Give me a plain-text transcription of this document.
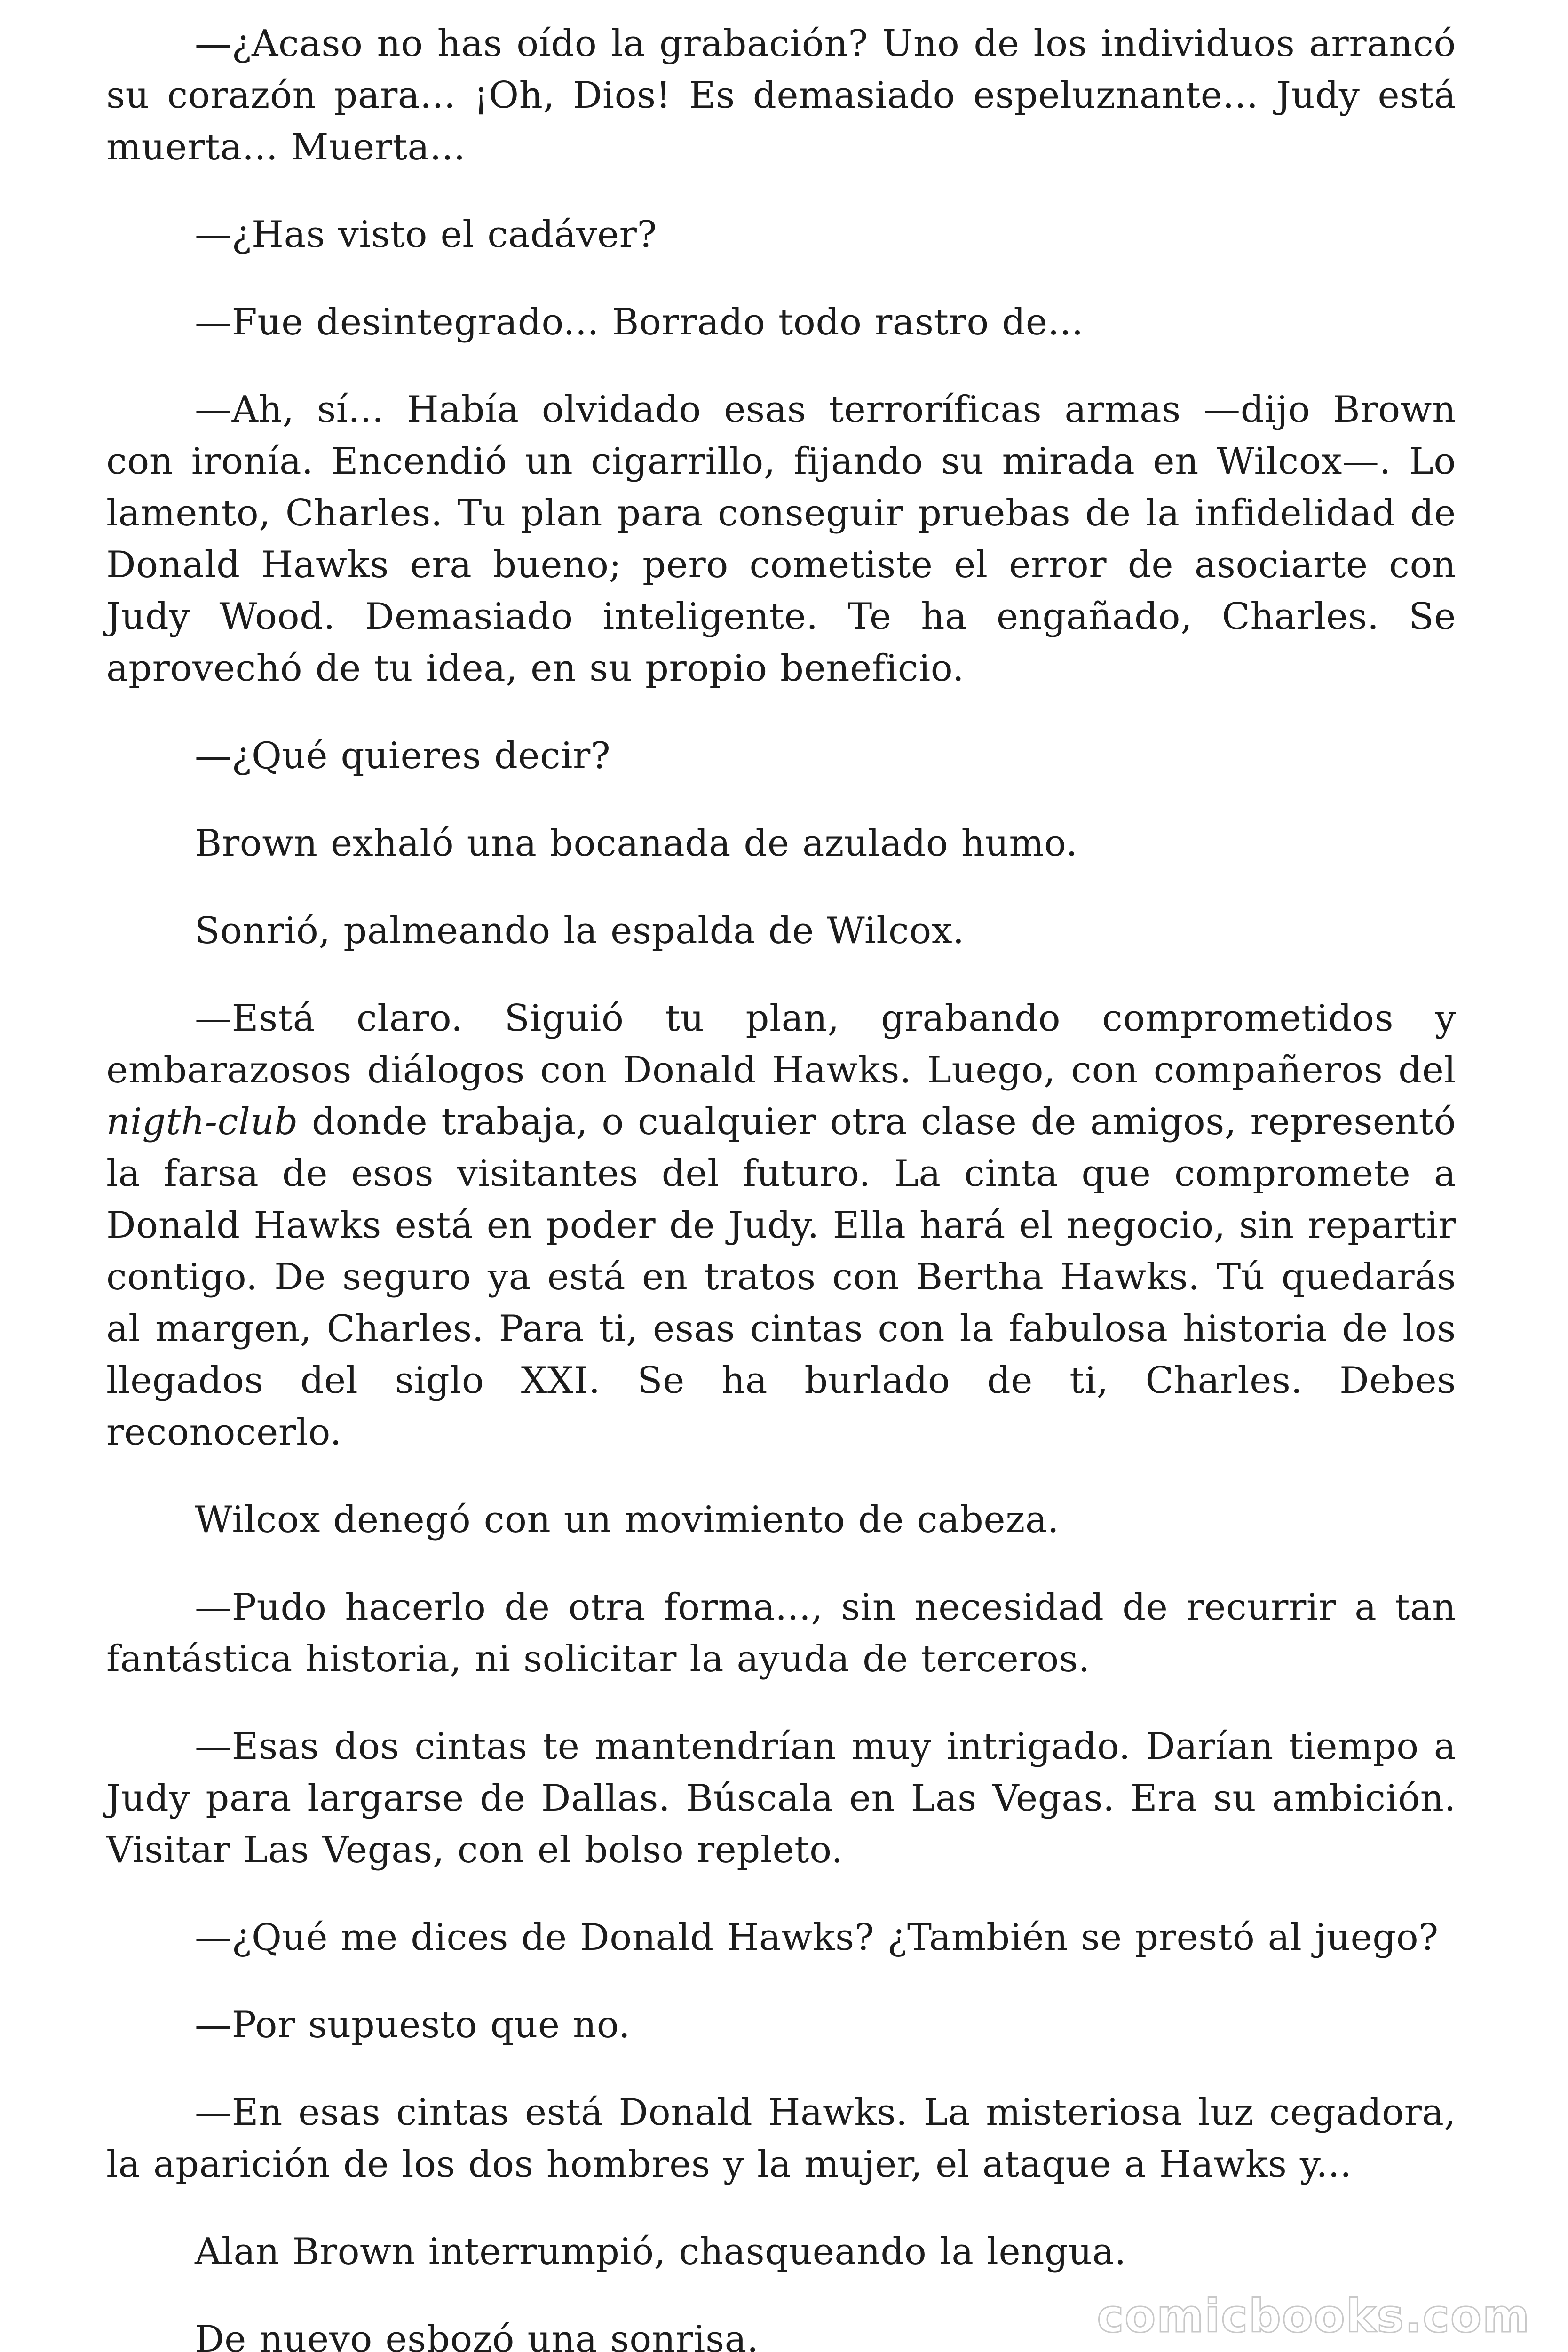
—¿Acaso no has oído la grabación? Uno de los individuos arrancó su corazón para... ¡Oh, Dios! Es demasiado espeluznante... Judy está muerta... Muerta...

—¿Has visto el cadáver?

—Fue desintegrado... Borrado todo rastro de...

—Ah, sí... Había olvidado esas terroríficas armas —dijo Brown con ironía. Encendió un cigarrillo, fijando su mirada en Wilcox—. Lo lamento, Charles. Tu plan para conseguir pruebas de la infidelidad de Donald Hawks era bueno; pero cometiste el error de asociarte con Judy Wood. Demasiado inteligente. Te ha engañado, Charles. Se aprovechó de tu idea, en su propio beneficio.

—¿Qué quieres decir?

Brown exhaló una bocanada de azulado humo.

Sonrió, palmeando la espalda de Wilcox.

—Está claro. Siguió tu plan, grabando comprometidos y embarazosos diálogos con Donald Hawks. Luego, con compañeros del nigth-club donde trabaja, o cualquier otra clase de amigos, representó la farsa de esos visitantes del futuro. La cinta que compromete a Donald Hawks está en poder de Judy. Ella hará el negocio, sin repartir contigo. De seguro ya está en tratos con Bertha Hawks. Tú quedarás al margen, Charles. Para ti, esas cintas con la fabulosa historia de los llegados del siglo XXI. Se ha burlado de ti, Charles. Debes reconocerlo.

Wilcox denegó con un movimiento de cabeza.

—Pudo hacerlo de otra forma..., sin necesidad de recurrir a tan fantástica historia, ni solicitar la ayuda de terceros.

—Esas dos cintas te mantendrían muy intrigado. Darían tiempo a Judy para largarse de Dallas. Búscala en Las Vegas. Era su ambición. Visitar Las Vegas, con el bolso repleto.

—¿Qué me dices de Donald Hawks? ¿También se prestó al juego?

—Por supuesto que no.

—En esas cintas está Donald Hawks. La misteriosa luz cegadora, la aparición de los dos hombres y la mujer, el ataque a Hawks y...

Alan Brown interrumpió, chasqueando la lengua.

De nuevo esbozó una sonrisa.	comicbooks.com
